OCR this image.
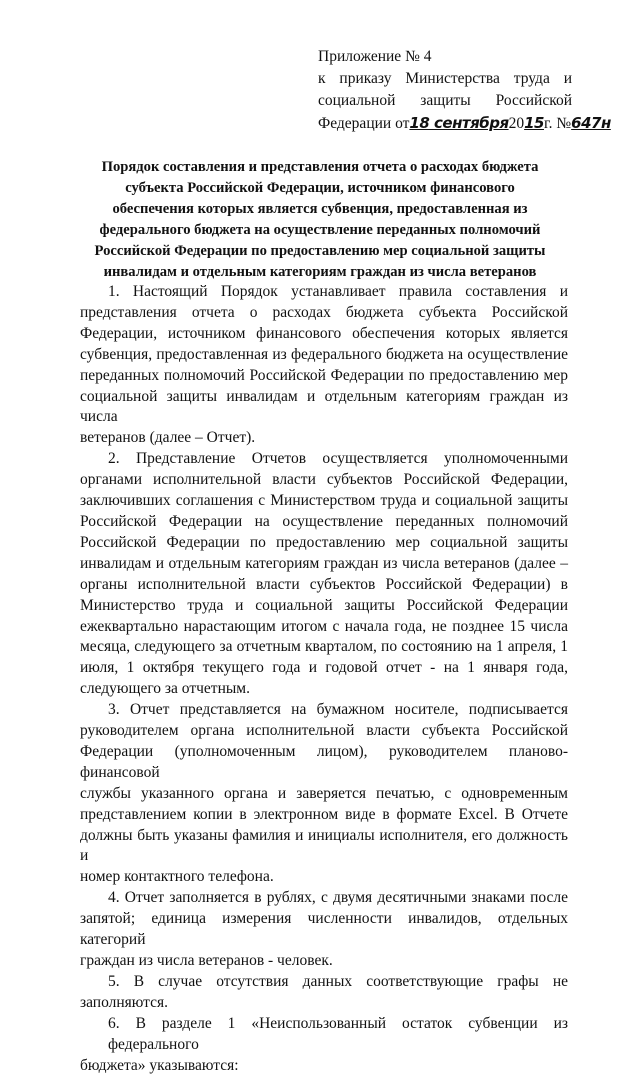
Приложение № 4
к приказу Министерства труда и
социальной защиты Российской
Федерации от18 сентября2015г. №647н
Порядок составления и представления отчета о расходах бюджета
субъекта Российской Федерации, источником финансового
обеспечения которых является субвенция, предоставленная из
федерального бюджета на осуществление переданных полномочий
Российской Федерации по предоставлению мер социальной защиты
инвалидам и отдельным категориям граждан из числа ветеранов
1. Настоящий Порядок устанавливает правила составления и
представления отчета о расходах бюджета субъекта Российской
Федерации, источником финансового обеспечения которых является
субвенция, предоставленная из федерального бюджета на осуществление
переданных полномочий Российской Федерации по предоставлению мер
социальной защиты инвалидам и отдельным категориям граждан из числа
ветеранов (далее – Отчет).
2. Представление Отчетов осуществляется уполномоченными
органами исполнительной власти субъектов Российской Федерации,
заключивших соглашения с Министерством труда и социальной защиты
Российской Федерации на осуществление переданных полномочий
Российской Федерации по предоставлению мер социальной защиты
инвалидам и отдельным категориям граждан из числа ветеранов (далее –
органы исполнительной власти субъектов Российской Федерации) в
Министерство труда и социальной защиты Российской Федерации
ежеквартально нарастающим итогом с начала года, не позднее 15 числа
месяца, следующего за отчетным кварталом, по состоянию на 1 апреля, 1
июля, 1 октября текущего года и годовой отчет - на 1 января года,
следующего за отчетным.
3. Отчет представляется на бумажном носителе, подписывается
руководителем органа исполнительной власти субъекта Российской
Федерации (уполномоченным лицом), руководителем планово-финансовой
службы указанного органа и заверяется печатью, с одновременным
представлением копии в электронном виде в формате Excel. В Отчете
должны быть указаны фамилия и инициалы исполнителя, его должность и
номер контактного телефона.
4. Отчет заполняется в рублях, с двумя десятичными знаками после
запятой; единица измерения численности инвалидов, отдельных категорий
граждан из числа ветеранов - человек.
5. В случае отсутствия данных соответствующие графы не
заполняются.
6. В разделе 1 «Неиспользованный остаток субвенции из федерального
бюджета» указываются:
